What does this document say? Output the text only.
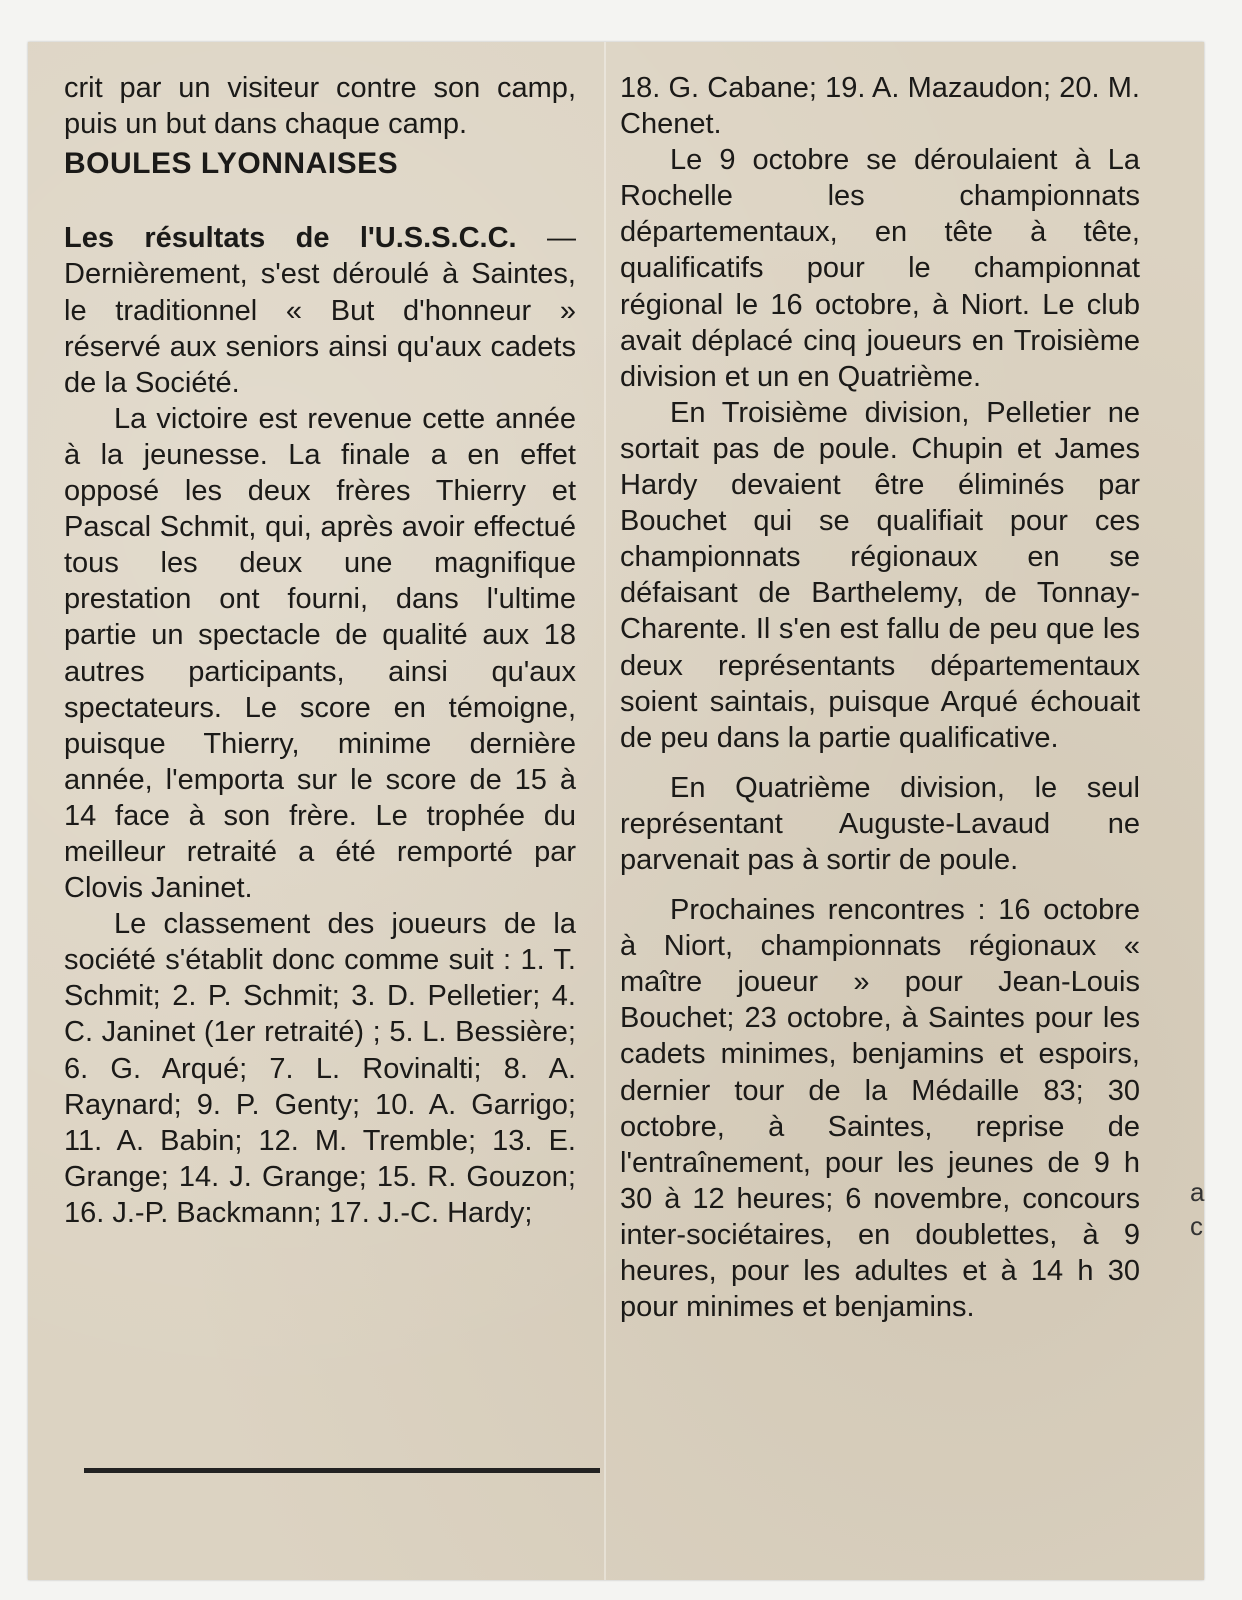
crit par un visiteur contre son camp, puis un but dans chaque camp.

BOULES LYONNAISES

Les résultats de l'U.S.S.C.C. — Dernièrement, s'est déroulé à Saintes, le traditionnel « But d'honneur » réservé aux seniors ainsi qu'aux cadets de la Société.

La victoire est revenue cette année à la jeunesse. La finale a en effet opposé les deux frères Thierry et Pascal Schmit, qui, après avoir effectué tous les deux une magnifique prestation ont fourni, dans l'ultime partie un spectacle de qualité aux 18 autres participants, ainsi qu'aux spectateurs. Le score en témoigne, puisque Thierry, minime dernière année, l'emporta sur le score de 15 à 14 face à son frère. Le trophée du meilleur retraité a été remporté par Clovis Janinet.

Le classement des joueurs de la société s'établit donc comme suit : 1. T. Schmit; 2. P. Schmit; 3. D. Pelletier; 4. C. Janinet (1er retraité) ; 5. L. Bessière; 6. G. Arqué; 7. L. Rovinalti; 8. A. Raynard; 9. P. Genty; 10. A. Garrigo; 11. A. Babin; 12. M. Tremble; 13. E. Grange; 14. J. Grange; 15. R. Gouzon; 16. J.-P. Backmann; 17. J.-C. Hardy;

18. G. Cabane; 19. A. Mazaudon; 20. M. Chenet.

Le 9 octobre se déroulaient à La Rochelle les championnats départementaux, en tête à tête, qualificatifs pour le championnat régional le 16 octobre, à Niort. Le club avait déplacé cinq joueurs en Troisième division et un en Quatrième.

En Troisième division, Pelletier ne sortait pas de poule. Chupin et James Hardy devaient être éliminés par Bouchet qui se qualifiait pour ces championnats régionaux en se défaisant de Barthelemy, de Tonnay-Charente. Il s'en est fallu de peu que les deux représentants départementaux soient saintais, puisque Arqué échouait de peu dans la partie qualificative.

En Quatrième division, le seul représentant Auguste-Lavaud ne parvenait pas à sortir de poule.

Prochaines rencontres : 16 octobre à Niort, championnats régionaux « maître joueur » pour Jean-Louis Bouchet; 23 octobre, à Saintes pour les cadets minimes, benjamins et espoirs, dernier tour de la Médaille 83; 30 octobre, à Saintes, reprise de l'entraînement, pour les jeunes de 9 h 30 à 12 heures; 6 novembre, concours inter-sociétaires, en doublettes, à 9 heures, pour les adultes et à 14 h 30 pour minimes et benjamins.

a
c
